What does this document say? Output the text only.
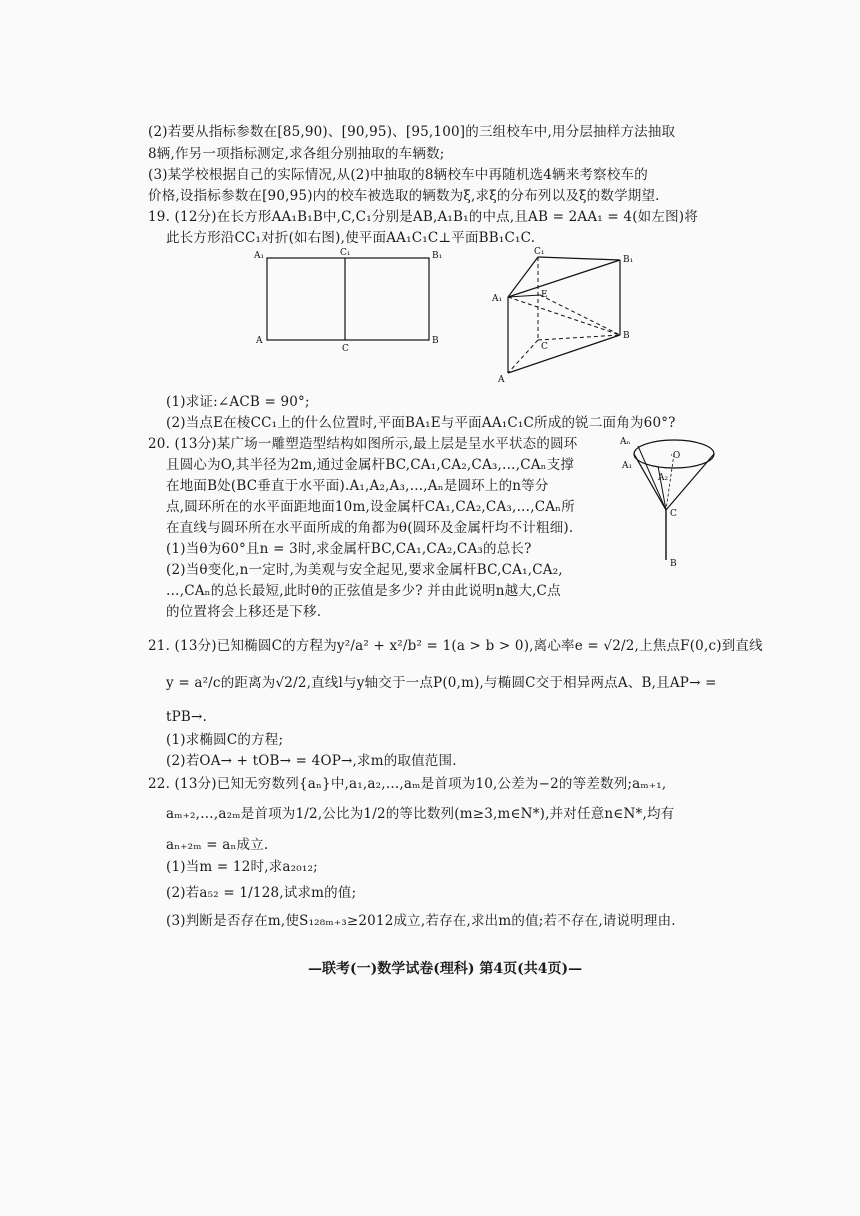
(2)若要从指标参数在[85,90)、[90,95)、[95,100]的三组校车中,用分层抽样方法抽取
8辆,作另一项指标测定,求各组分别抽取的车辆数;
(3)某学校根据自己的实际情况,从(2)中抽取的8辆校车中再随机选4辆来考察校车的
价格,设指标参数在[90,95)内的校车被选取的辆数为ξ,求ξ的分布列以及ξ的数学期望.
19. (12分)在长方形AA₁B₁B中,C,C₁分别是AB,A₁B₁的中点,且AB = 2AA₁ = 4(如左图)将
此长方形沿CC₁对折(如右图),使平面AA₁C₁C⊥平面BB₁C₁C.
A₁	C₁	B₁
A
C
B
C₁
B₁
A₁	E
C
B
A
(1)求证:∠ACB = 90°;
(2)当点E在棱CC₁上的什么位置时,平面BA₁E与平面AA₁C₁C所成的锐二面角为60°?
20. (13分)某广场一雕塑造型结构如图所示,最上层是呈水平状态的圆环
且圆心为O,其半径为2m,通过金属杆BC,CA₁,CA₂,CA₃,…,CAₙ支撑
在地面B处(BC垂直于水平面).A₁,A₂,A₃,…,Aₙ是圆环上的n等分
点,圆环所在的水平面距地面10m,设金属杆CA₁,CA₂,CA₃,…,CAₙ所
在直线与圆环所在水平面所成的角都为θ(圆环及金属杆均不计粗细).
(1)当θ为60°且n = 3时,求金属杆BC,CA₁,CA₂,CA₃的总长?
(2)当θ变化,n一定时,为美观与安全起见,要求金属杆BC,CA₁,CA₂,
…,CAₙ的总长最短,此时θ的正弦值是多少? 并由此说明n越大,C点
的位置将会上移还是下移.
Aₙ
A₁
·O
A₂
C
B
21. (13分)已知椭圆C的方程为y²/a² + x²/b² = 1(a > b > 0),离心率e = √2/2,上焦点F(0,c)到直线
y = a²/c的距离为√2/2,直线l与y轴交于一点P(0,m),与椭圆C交于相异两点A、B,且AP→ =
tPB→.
(1)求椭圆C的方程;
(2)若OA→ + tOB→ = 4OP→,求m的取值范围.
22. (13分)已知无穷数列{aₙ}中,a₁,a₂,…,aₘ是首项为10,公差为−2的等差数列;aₘ₊₁,
aₘ₊₂,…,a₂ₘ是首项为1/2,公比为1/2的等比数列(m≥3,m∈N*),并对任意n∈N*,均有
aₙ₊₂ₘ = aₙ成立.
(1)当m = 12时,求a₂₀₁₂;
(2)若a₅₂ = 1/128,试求m的值;
(3)判断是否存在m,使S₁₂₈ₘ₊₃≥2012成立,若存在,求出m的值;若不存在,请说明理由.
—联考(一)数学试卷(理科) 第4页(共4页)—
